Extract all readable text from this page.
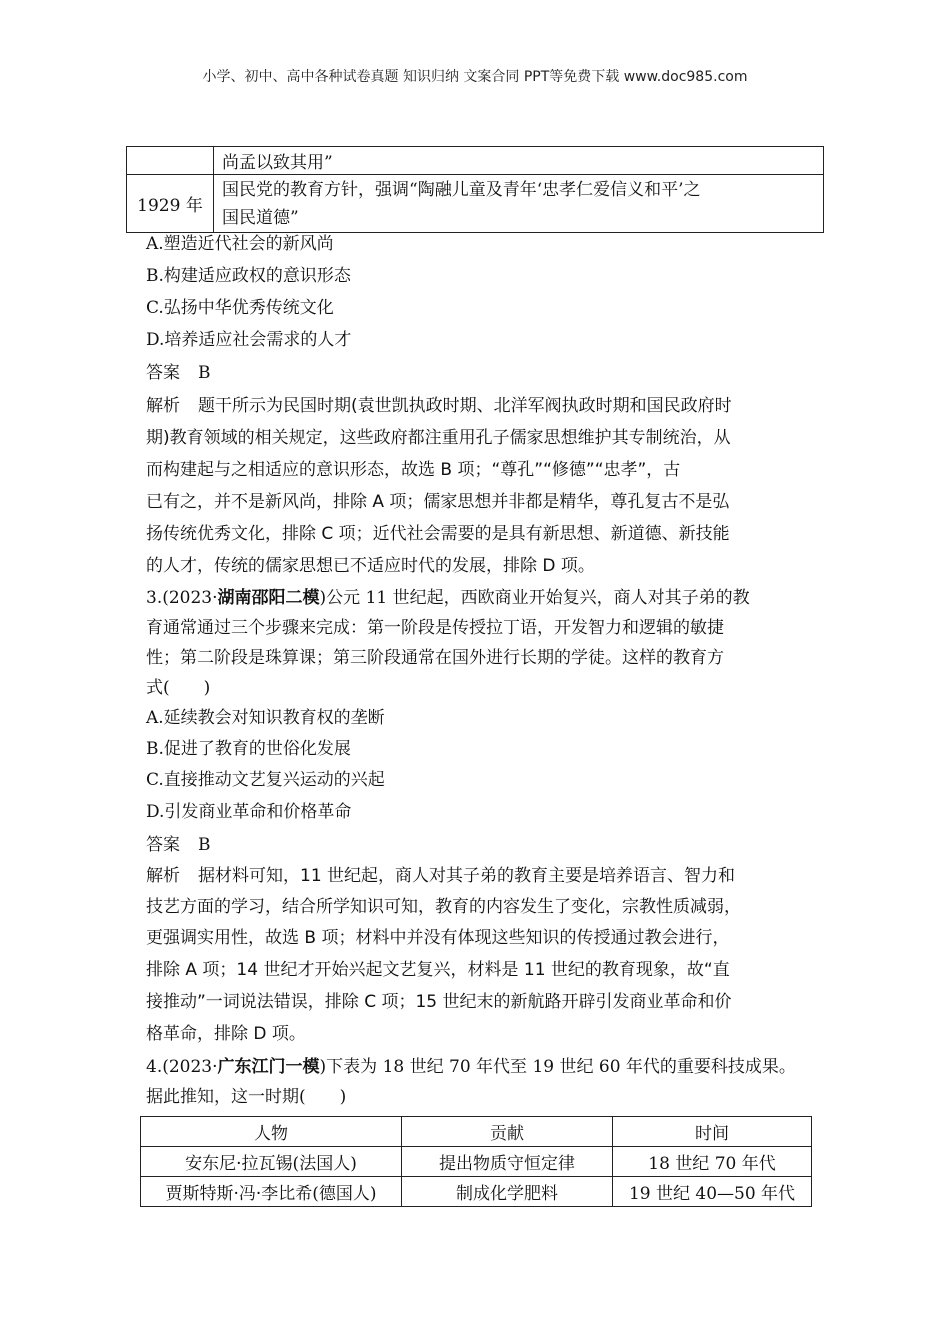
小学、初中、高中各种试卷真题 知识归纳 文案合同 PPT等免费下载 www.doc985.com
	尚孟以致其用”
1929 年	国民党的教育方针，强调“陶融儿童及青年‘忠孝仁爱信义和平’之
国民道德”
A.塑造近代社会的新风尚
B.构建适应政权的意识形态
C.弘扬中华优秀传统文化
D.培养适应社会需求的人才
答案 B
解析 题干所示为民国时期(袁世凯执政时期、北洋军阀执政时期和国民政府时
期)教育领域的相关规定，这些政府都注重用孔子儒家思想维护其专制统治，从
而构建起与之相适应的意识形态，故选 B 项；“尊孔”“修德”“忠孝”，古
已有之，并不是新风尚，排除 A 项；儒家思想并非都是精华，尊孔复古不是弘
扬传统优秀文化，排除 C 项；近代社会需要的是具有新思想、新道德、新技能
的人才，传统的儒家思想已不适应时代的发展，排除 D 项。
3.(2023·湖南邵阳二模)公元 11 世纪起，西欧商业开始复兴，商人对其子弟的教
育通常通过三个步骤来完成：第一阶段是传授拉丁语，开发智力和逻辑的敏捷
性；第二阶段是珠算课；第三阶段通常在国外进行长期的学徒。这样的教育方
式(　　)
A.延续教会对知识教育权的垄断
B.促进了教育的世俗化发展
C.直接推动文艺复兴运动的兴起
D.引发商业革命和价格革命
答案 B
解析 据材料可知，11 世纪起，商人对其子弟的教育主要是培养语言、智力和
技艺方面的学习，结合所学知识可知，教育的内容发生了变化，宗教性质减弱，
更强调实用性，故选 B 项；材料中并没有体现这些知识的传授通过教会进行，
排除 A 项；14 世纪才开始兴起文艺复兴，材料是 11 世纪的教育现象，故“直
接推动”一词说法错误，排除 C 项；15 世纪末的新航路开辟引发商业革命和价
格革命，排除 D 项。
4.(2023·广东江门一模)下表为 18 世纪 70 年代至 19 世纪 60 年代的重要科技成果。
据此推知，这一时期(　　)
人物	贡献	时间
安东尼·拉瓦锡(法国人)	提出物质守恒定律	18 世纪 70 年代
贾斯特斯·冯·李比希(德国人)	制成化学肥料	19 世纪 40—50 年代
